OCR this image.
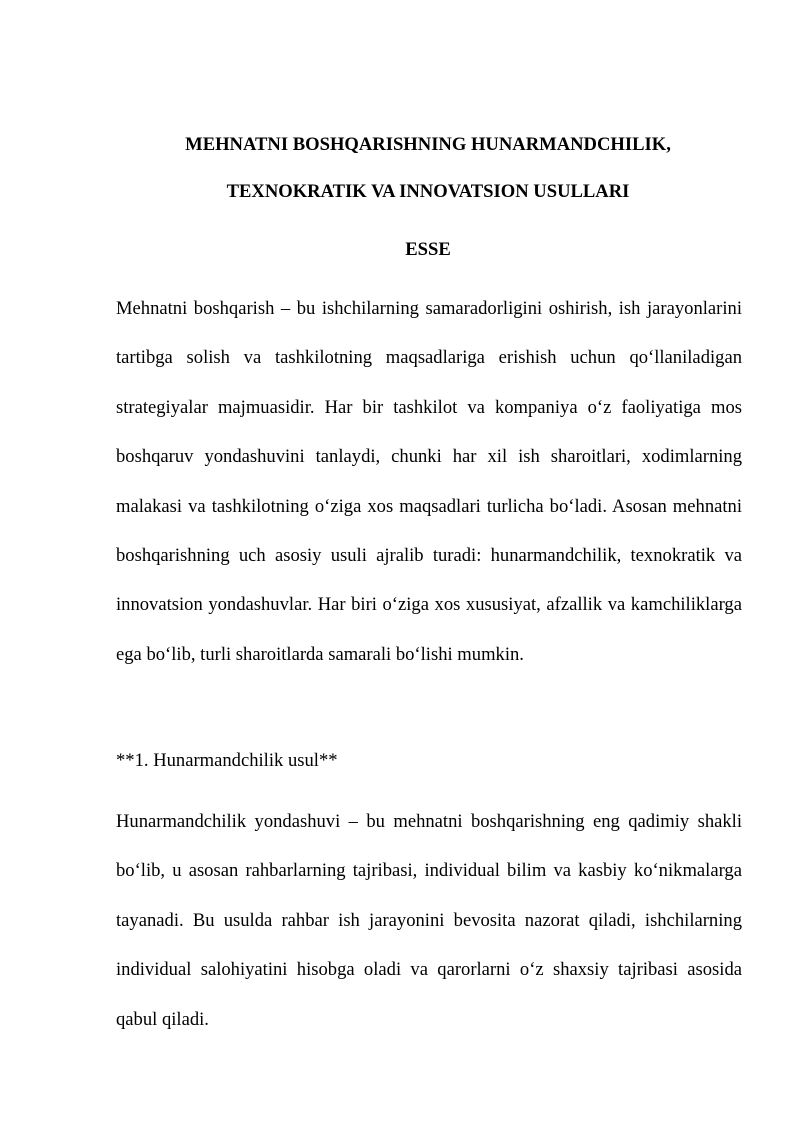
MEHNATNI BOSHQARISHNING HUNARMANDCHILIK,
TEXNOKRATIK VA INNOVATSION USULLARI
ESSE

Mehnatni boshqarish – bu ishchilarning samaradorligini oshirish, ish jarayonlarini tartibga solish va tashkilotning maqsadlariga erishish uchun qo‘llaniladigan strategiyalar majmuasidir. Har bir tashkilot va kompaniya o‘z faoliyatiga mos boshqaruv yondashuvini tanlaydi, chunki har xil ish sharoitlari, xodimlarning malakasi va tashkilotning o‘ziga xos maqsadlari turlicha bo‘ladi. Asosan mehnatni boshqarishning uch asosiy usuli ajralib turadi: hunarmandchilik, texnokratik va innovatsion yondashuvlar. Har biri o‘ziga xos xususiyat, afzallik va kamchiliklarga ega bo‘lib, turli sharoitlarda samarali bo‘lishi mumkin.

**1. Hunarmandchilik usul**

Hunarmandchilik yondashuvi – bu mehnatni boshqarishning eng qadimiy shakli bo‘lib, u asosan rahbarlarning tajribasi, individual bilim va kasbiy ko‘nikmalarga tayanadi. Bu usulda rahbar ish jarayonini bevosita nazorat qiladi, ishchilarning individual salohiyatini hisobga oladi va qarorlarni o‘z shaxsiy tajribasi asosida qabul qiladi.
